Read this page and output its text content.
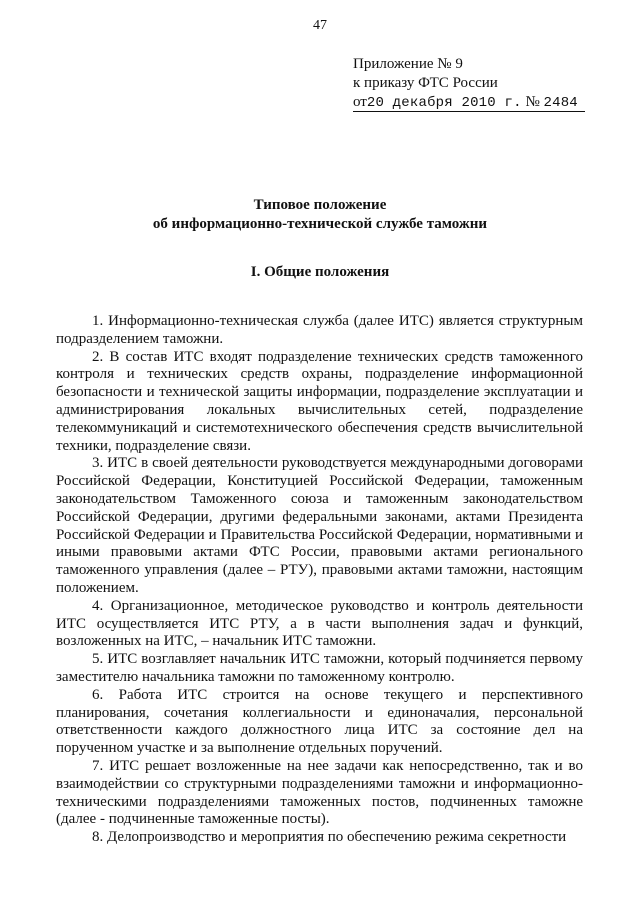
47
Приложение № 9
к приказу ФТС России
от20 декабря 2010 г. № 2484
Типовое положение
об информационно-технической службе таможни
I. Общие положения

1. Информационно-техническая служба (далее ИТС) является структурным подразделением таможни.

2. В состав ИТС входят подразделение технических средств таможенного контроля и технических средств охраны, подразделение информационной безопасности и технической защиты информации, подразделение эксплуатации и администрирования локальных вычислительных сетей, подразделение телекоммуникаций и системотехнического обеспечения средств вычислительной техники, подразделение связи.

3. ИТС в своей деятельности руководствуется международными договорами Российской Федерации, Конституцией Российской Федерации, таможенным законодательством Таможенного союза и таможенным законодательством Российской Федерации, другими федеральными законами, актами Президента Российской Федерации и Правительства Российской Федерации, нормативными и иными правовыми актами ФТС России, правовыми актами регионального таможенного управления (далее – РТУ), правовыми актами таможни, настоящим положением.

4. Организационное, методическое руководство и контроль деятельности ИТС осуществляется ИТС РТУ, а в части выполнения задач и функций, возложенных на ИТС, – начальник ИТС таможни.

5. ИТС возглавляет начальник ИТС таможни, который подчиняется первому заместителю начальника таможни по таможенному контролю.

6. Работа ИТС строится на основе текущего и перспективного планирования, сочетания коллегиальности и единоначалия, персональной ответственности каждого должностного лица ИТС за состояние дел на порученном участке и за выполнение отдельных поручений.

7. ИТС решает возложенные на нее задачи как непосредственно, так и во взаимодействии со структурными подразделениями таможни и информационно-техническими подразделениями таможенных постов, подчиненных таможне (далее - подчиненные таможенные посты).

8. Делопроизводство и мероприятия по обеспечению режима секретности
